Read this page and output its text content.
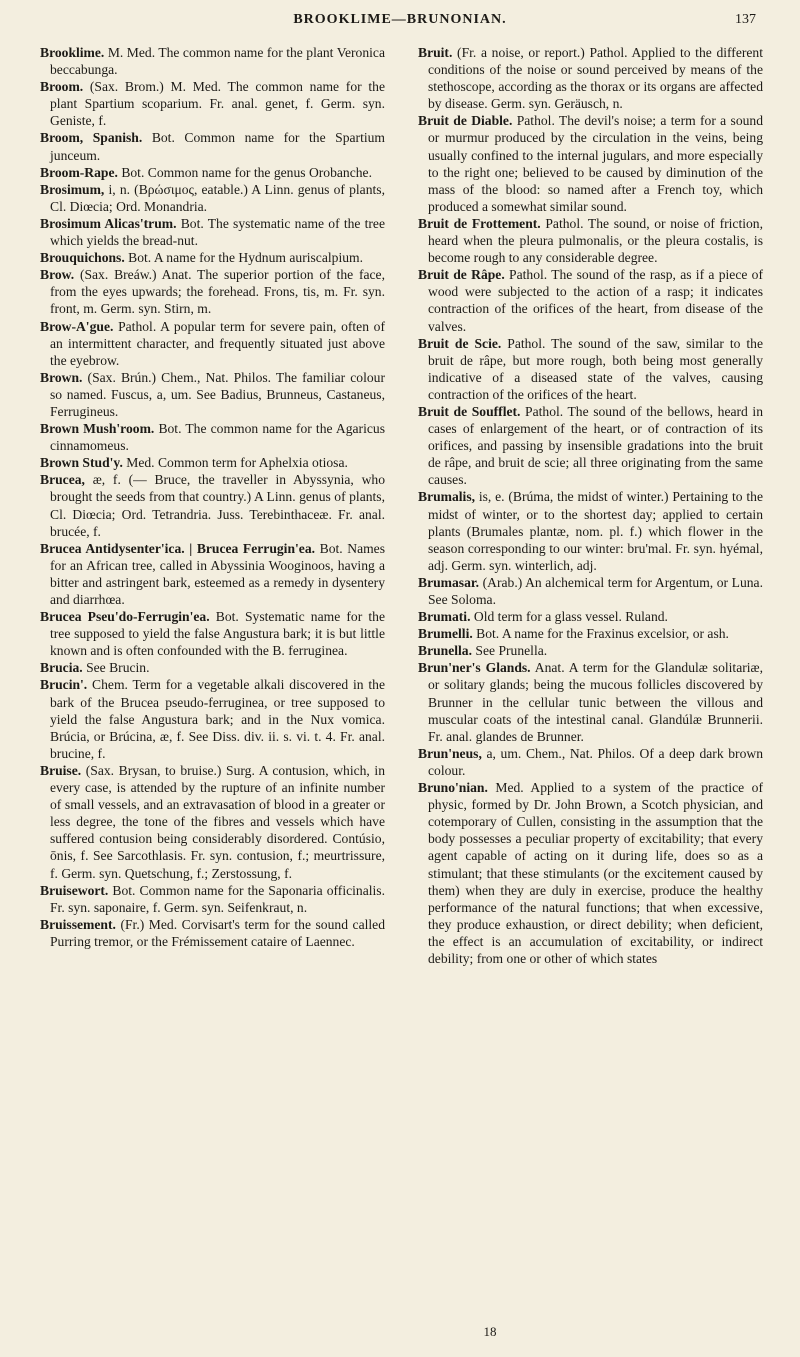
BROOKLIME—BRUNONIAN.	137

Brooklime. M. Med. The common name for the plant Veronica beccabunga.

Broom. (Sax. Brom.) M. Med. The common name for the plant Spartium scoparium. Fr. anal. genet, f. Germ. syn. Geniste, f.

Broom, Spanish. Bot. Common name for the Spartium junceum.

Broom-Rape. Bot. Common name for the genus Orobanche.

Brosimum, i, n. (Βρώσιμος, eatable.) A Linn. genus of plants, Cl. Diœcia; Ord. Monandria.

Brosimum Alicas'trum. Bot. The systematic name of the tree which yields the bread-nut.

Brouquichons. Bot. A name for the Hydnum auriscalpium.

Brow. (Sax. Breáw.) Anat. The superior portion of the face, from the eyes upwards; the forehead. Frons, tis, m. Fr. syn. front, m. Germ. syn. Stirn, m.

Brow-A'gue. Pathol. A popular term for severe pain, often of an intermittent character, and frequently situated just above the eyebrow.

Brown. (Sax. Brún.) Chem., Nat. Philos. The familiar colour so named. Fuscus, a, um. See Badius, Brunneus, Castaneus, Ferrugineus.

Brown Mush'room. Bot. The common name for the Agaricus cinnamomeus.

Brown Stud'y. Med. Common term for Aphelxia otiosa.

Brucea, æ, f. (— Bruce, the traveller in Abyssynia, who brought the seeds from that country.) A Linn. genus of plants, Cl. Diœcia; Ord. Tetrandria. Juss. Terebinthaceæ. Fr. anal. brucée, f.

Brucea Antidysenter'ica. | Brucea Ferrugin'ea. Bot. Names for an African tree, called in Abyssinia Wooginoos, having a bitter and astringent bark, esteemed as a remedy in dysentery and diarrhœa.

Brucea Pseu'do-Ferrugin'ea. Bot. Systematic name for the tree supposed to yield the false Angustura bark; it is but little known and is often confounded with the B. ferruginea.

Brucia. See Brucin.

Brucin'. Chem. Term for a vegetable alkali discovered in the bark of the Brucea pseudo-ferruginea, or tree supposed to yield the false Angustura bark; and in the Nux vomica. Brúcia, or Brúcina, æ, f. See Diss. div. ii. s. vi. t. 4. Fr. anal. brucine, f.

Bruise. (Sax. Brysan, to bruise.) Surg. A contusion, which, in every case, is attended by the rupture of an infinite number of small vessels, and an extravasation of blood in a greater or less degree, the tone of the fibres and vessels which have suffered contusion being considerably disordered. Contúsio, ōnis, f. See Sarcothlasis. Fr. syn. contusion, f.; meurtrissure, f. Germ. syn. Quetschung, f.; Zerstossung, f.

Bruisewort. Bot. Common name for the Saponaria officinalis. Fr. syn. saponaire, f. Germ. syn. Seifenkraut, n.

Bruissement. (Fr.) Med. Corvisart's term for the sound called Purring tremor, or the Frémissement cataire of Laennec.

Bruit. (Fr. a noise, or report.) Pathol. Applied to the different conditions of the noise or sound perceived by means of the stethoscope, according as the thorax or its organs are affected by disease. Germ. syn. Geräusch, n.

Bruit de Diable. Pathol. The devil's noise; a term for a sound or murmur produced by the circulation in the veins, being usually confined to the internal jugulars, and more especially to the right one; believed to be caused by diminution of the mass of the blood: so named after a French toy, which produced a somewhat similar sound.

Bruit de Frottement. Pathol. The sound, or noise of friction, heard when the pleura pulmonalis, or the pleura costalis, is become rough to any considerable degree.

Bruit de Râpe. Pathol. The sound of the rasp, as if a piece of wood were subjected to the action of a rasp; it indicates contraction of the orifices of the heart, from disease of the valves.

Bruit de Scie. Pathol. The sound of the saw, similar to the bruit de râpe, but more rough, both being most generally indicative of a diseased state of the valves, causing contraction of the orifices of the heart.

Bruit de Soufflet. Pathol. The sound of the bellows, heard in cases of enlargement of the heart, or of contraction of its orifices, and passing by insensible gradations into the bruit de râpe, and bruit de scie; all three originating from the same causes.

Brumalis, is, e. (Brúma, the midst of winter.) Pertaining to the midst of winter, or to the shortest day; applied to certain plants (Brumales plantæ, nom. pl. f.) which flower in the season corresponding to our winter: bru'mal. Fr. syn. hyémal, adj. Germ. syn. winterlich, adj.

Brumasar. (Arab.) An alchemical term for Argentum, or Luna. See Soloma.

Brumati. Old term for a glass vessel. Ruland.

Brumelli. Bot. A name for the Fraxinus excelsior, or ash.

Brunella. See Prunella.

Brun'ner's Glands. Anat. A term for the Glandulæ solitariæ, or solitary glands; being the mucous follicles discovered by Brunner in the cellular tunic between the villous and muscular coats of the intestinal canal. Glandúlæ Brunnerii. Fr. anal. glandes de Brunner.

Brun'neus, a, um. Chem., Nat. Philos. Of a deep dark brown colour.

Bruno'nian. Med. Applied to a system of the practice of physic, formed by Dr. John Brown, a Scotch physician, and cotemporary of Cullen, consisting in the assumption that the body possesses a peculiar property of excitability; that every agent capable of acting on it during life, does so as a stimulant; that these stimulants (or the excitement caused by them) when they are duly in exercise, produce the healthy performance of the natural functions; that when excessive, they produce exhaustion, or direct debility; when deficient, the effect is an accumulation of excitability, or indirect debility; from one or other of which states

18
